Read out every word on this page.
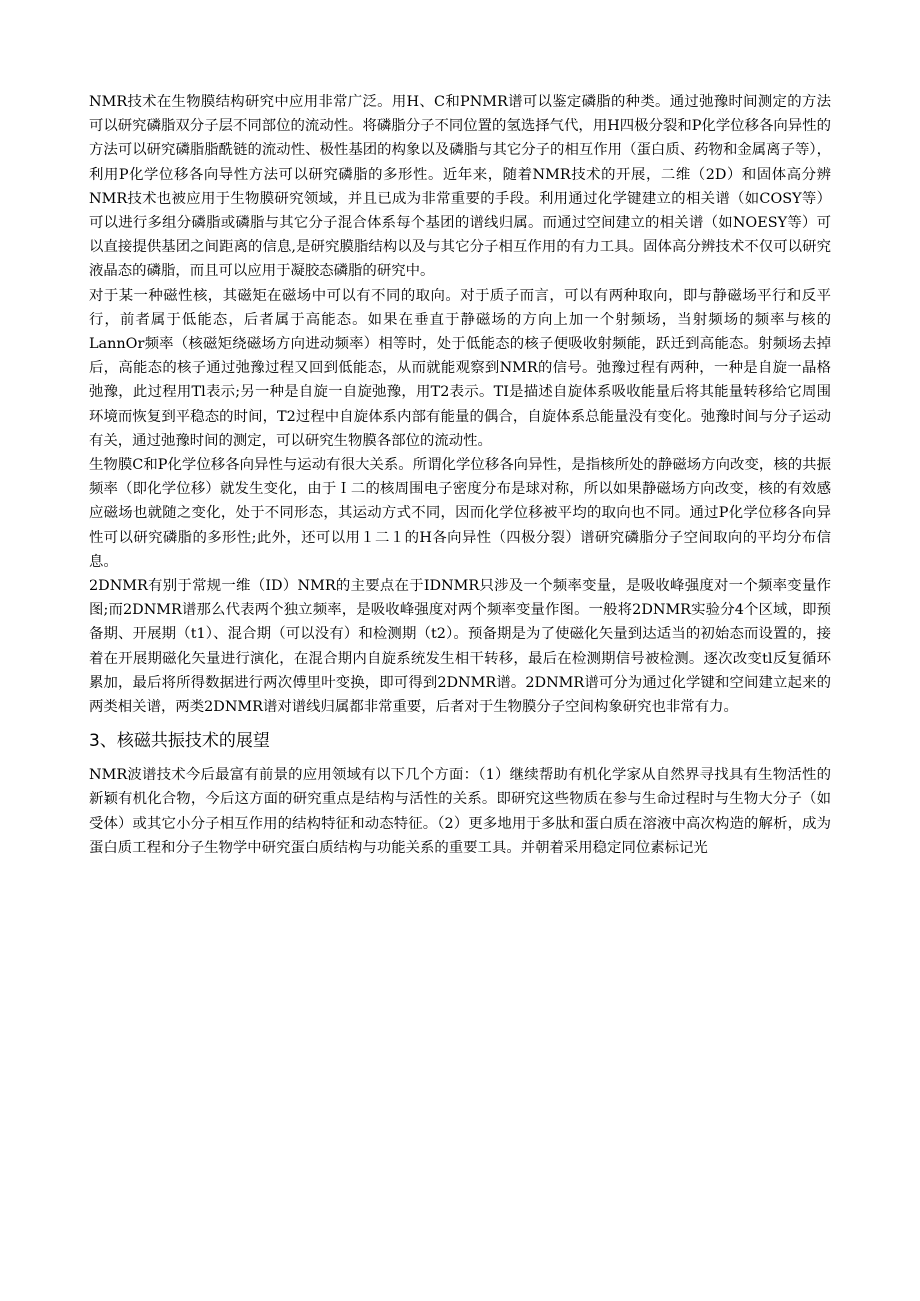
NMR技术在生物膜结构研究中应用非常广泛。用H、C和PNMR谱可以鉴定磷脂的种类。通过弛豫时间测定的方法可以研究磷脂双分子层不同部位的流动性。将磷脂分子不同位置的氢选择气代，用H四极分裂和P化学位移各向异性的方法可以研究磷脂脂酰链的流动性、极性基团的构象以及磷脂与其它分子的相互作用（蛋白质、药物和金属离子等），利用P化学位移各向导性方法可以研究磷脂的多形性。近年来，随着NMR技术的开展，二维（2D）和固体高分辨NMR技术也被应用于生物膜研究领域，并且已成为非常重要的手段。利用通过化学键建立的相关谱（如COSY等）可以进行多组分磷脂或磷脂与其它分子混合体系每个基团的谱线归属。而通过空间建立的相关谱（如NOESY等）可以直接提供基团之间距离的信息,是研究膜脂结构以及与其它分子相互作用的有力工具。固体高分辨技术不仅可以研究液晶态的磷脂，而且可以应用于凝胶态磷脂的研究中。

对于某一种磁性核，其磁矩在磁场中可以有不同的取向。对于质子而言，可以有两种取向，即与静磁场平行和反平行，前者属于低能态，后者属于高能态。如果在垂直于静磁场的方向上加一个射频场，当射频场的频率与核的LannOr频率（核磁矩绕磁场方向进动频率）相等时，处于低能态的核子便吸收射频能，跃迁到高能态。射频场去掉后，高能态的核子通过弛豫过程又回到低能态，从而就能观察到NMR的信号。弛豫过程有两种，一种是自旋一晶格弛豫，此过程用Tl表示;另一种是自旋一自旋弛豫，用T2表示。TI是描述自旋体系吸收能量后将其能量转移给它周围环境而恢复到平稳态的时间，T2过程中自旋体系内部有能量的偶合，自旋体系总能量没有变化。弛豫时间与分子运动有关，通过弛豫时间的测定，可以研究生物膜各部位的流动性。

生物膜C和P化学位移各向异性与运动有很大关系。所谓化学位移各向异性，是指核所处的静磁场方向改变，核的共振频率（即化学位移）就发生变化，由于Ｉ二的核周围电子密度分布是球对称，所以如果静磁场方向改变，核的有效感应磁场也就随之变化，处于不同形态，其运动方式不同，因而化学位移被平均的取向也不同。通过P化学位移各向异性可以研究磷脂的多形性;此外，还可以用１二１的H各向异性（四极分裂）谱研究磷脂分子空间取向的平均分布信息。

2DNMR有别于常规一维（ID）NMR的主要点在于IDNMR只涉及一个频率变量，是吸收峰强度对一个频率变量作图;而2DNMR谱那么代表两个独立频率，是吸收峰强度对两个频率变量作图。一般将2DNMR实验分4个区域，即预备期、开展期（t1）、混合期（可以没有）和检测期（t2）。预备期是为了使磁化矢量到达适当的初始态而设置的，接着在开展期磁化矢量进行演化，在混合期内自旋系统发生相干转移，最后在检测期信号被检测。逐次改变tl反复循环累加，最后将所得数据进行两次傅里叶变换，即可得到2DNMR谱。2DNMR谱可分为通过化学键和空间建立起来的两类相关谱，两类2DNMR谱对谱线归属都非常重要，后者对于生物膜分子空间构象研究也非常有力。

3、核磁共振技术的展望

NMR波谱技术今后最富有前景的应用领域有以下几个方面：（1）继续帮助有机化学家从自然界寻找具有生物活性的新颖有机化合物，今后这方面的研究重点是结构与活性的关系。即研究这些物质在参与生命过程时与生物大分子（如受体）或其它小分子相互作用的结构特征和动态特征。（2）更多地用于多肽和蛋白质在溶液中高次构造的解析，成为蛋白质工程和分子生物学中研究蛋白质结构与功能关系的重要工具。并朝着采用稳定同位素标记光
